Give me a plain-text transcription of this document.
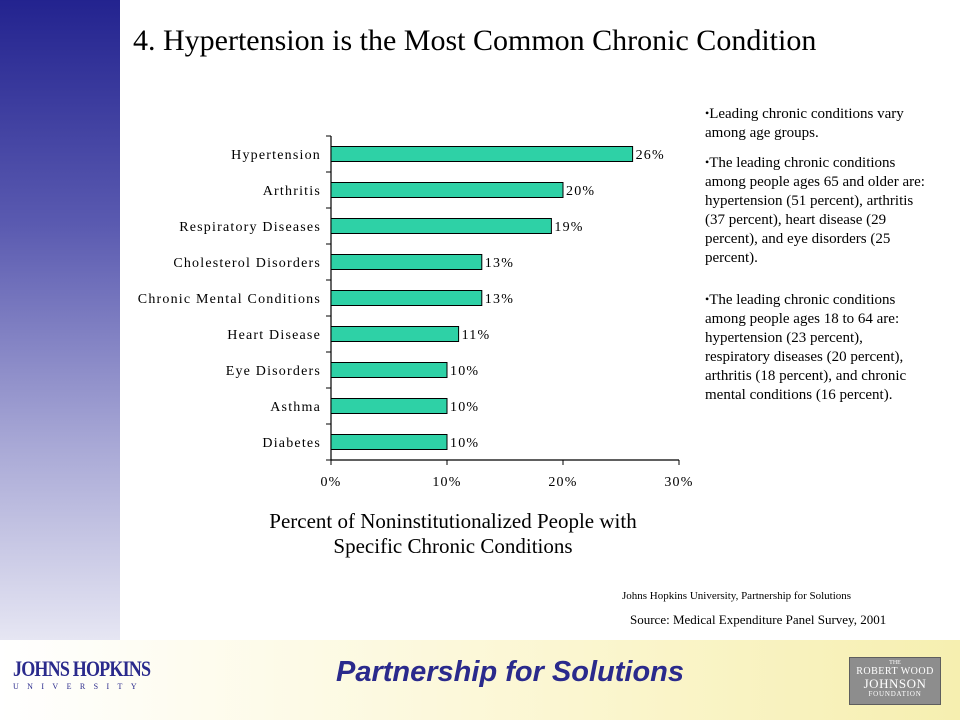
4. Hypertension is the Most Common Chronic Condition
0%	10%	20%	30%
Hypertension	26%
Arthritis	20%
Respiratory Diseases	19%
Cholesterol Disorders	13%
Chronic Mental Conditions	13%
Heart Disease	11%
Eye Disorders	10%
Asthma	10%
Diabetes	10%
Percent of Noninstitutionalized People with
Specific Chronic Conditions

•Leading chronic conditions vary among age groups.

•The leading chronic conditions among people ages 65 and older are: hypertension (51 percent), arthritis (37 percent), heart disease (29 percent), and eye disorders (25 percent).

•The leading chronic conditions among people ages 18 to 64 are: hypertension (23 percent), respiratory diseases (20 percent), arthritis (18 percent), and chronic mental conditions (16 percent).

Johns Hopkins University, Partnership for Solutions
Source: Medical Expenditure Panel Survey, 2001
JOHNS HOPKINS
UNIVERSITY	Partnership for Solutions	THE
ROBERT WOOD
JOHNSON
FOUNDATION
